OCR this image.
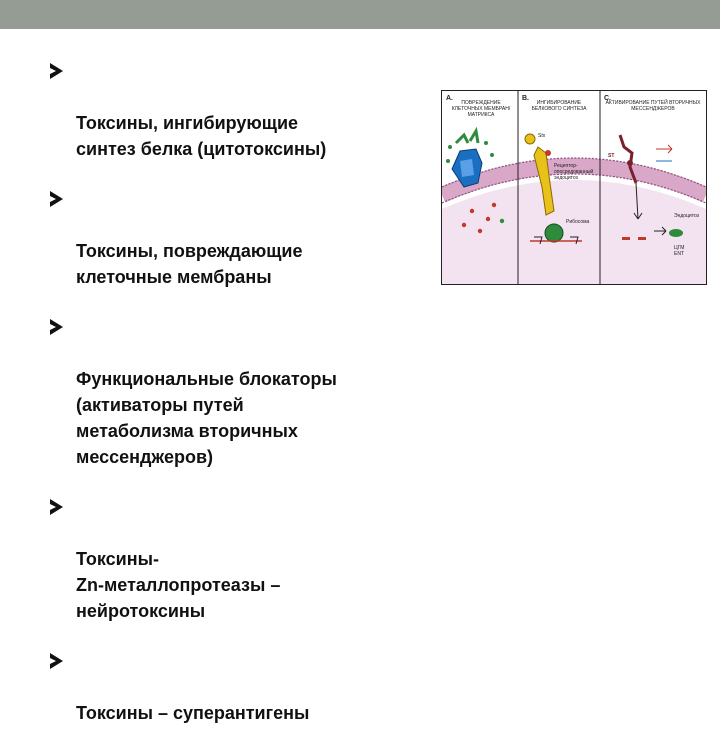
Токсины, ингибирующие
синтез белка (цитотоксины)

Токсины, повреждающие
клеточные мембраны

Функциональные блокаторы
(активаторы путей
метаболизма вторичных
мессенджеров)

Токсины-
Zn-металлопротеазы –
нейротоксины

Токсины – суперантигены

A.	B.	C.
ПОВРЕЖДЕНИЕ КЛЕТОЧНЫХ МЕМБРАН/МАТРИКСА
ИНГИБИРОВАНИЕ БЕЛКОВОГО СИНТЕЗА
АКТИВИРОВАНИЕ ПУТЕЙ ВТОРИЧНЫХ МЕССЕНДЖЕРОВ
Stx
Рецептор-опосредованный эндоцитоз
Рибосома
ST
Эндоцитоз
ЦГМ
ENT
